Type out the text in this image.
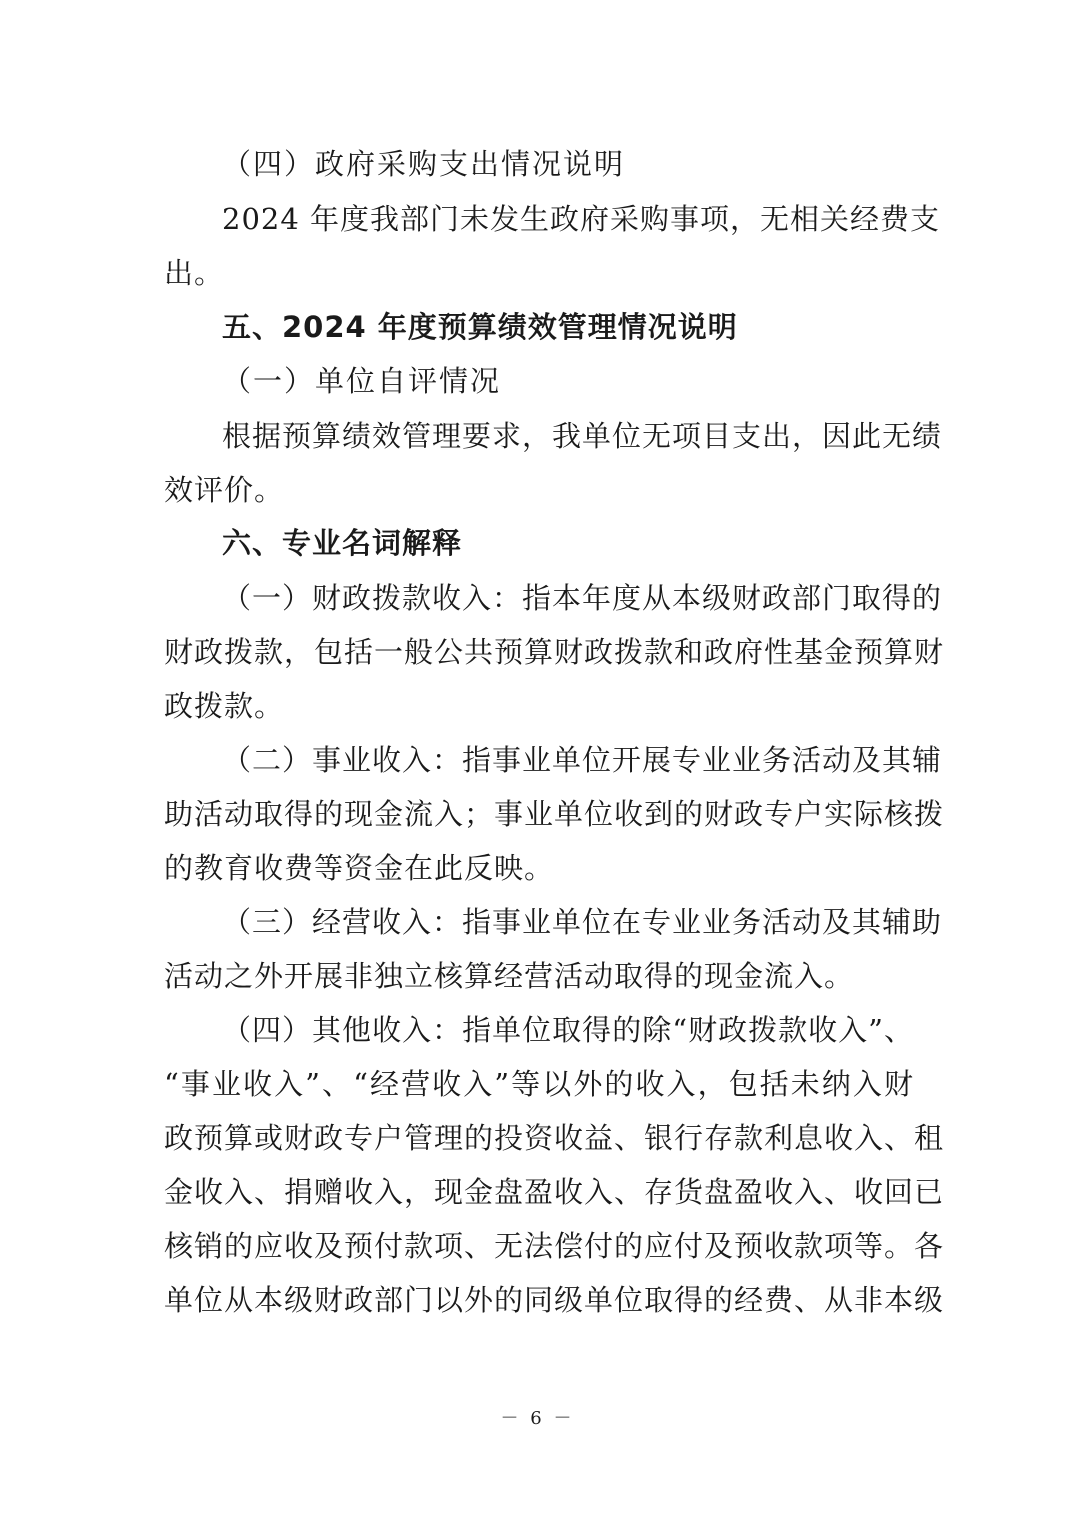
（四）政府采购支出情况说明
2024 年度我部门未发生政府采购事项，无相关经费支
出。
五、2024 年度预算绩效管理情况说明
（一）单位自评情况
根据预算绩效管理要求，我单位无项目支出，因此无绩
效评价。
六、专业名词解释
（一）财政拨款收入：指本年度从本级财政部门取得的
财政拨款，包括一般公共预算财政拨款和政府性基金预算财
政拨款。
（二）事业收入：指事业单位开展专业业务活动及其辅
助活动取得的现金流入；事业单位收到的财政专户实际核拨
的教育收费等资金在此反映。
（三）经营收入：指事业单位在专业业务活动及其辅助
活动之外开展非独立核算经营活动取得的现金流入。
（四）其他收入：指单位取得的除“财政拨款收入”、
“事业收入”、“经营收入”等以外的收入，包括未纳入财
政预算或财政专户管理的投资收益、银行存款利息收入、租
金收入、捐赠收入，现金盘盈收入、存货盘盈收入、收回已
核销的应收及预付款项、无法偿付的应付及预收款项等。各
单位从本级财政部门以外的同级单位取得的经费、从非本级
－ 6 －
